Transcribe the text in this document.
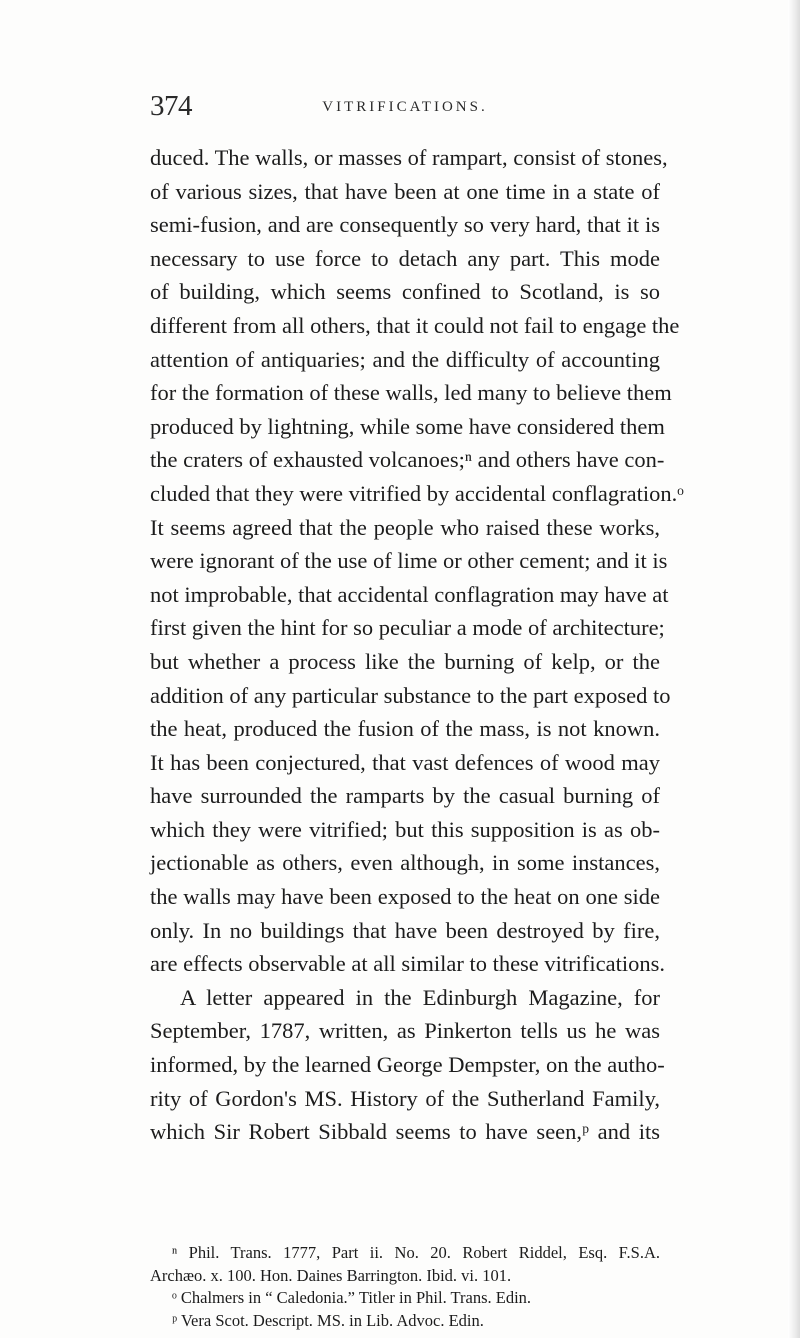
374	VITRIFICATIONS.
duced. The walls, or masses of rampart, consist of stones,
of various sizes, that have been at one time in a state of
semi-fusion, and are consequently so very hard, that it is
necessary to use force to detach any part. This mode
of building, which seems confined to Scotland, is so
different from all others, that it could not fail to engage the
attention of antiquaries; and the difficulty of accounting
for the formation of these walls, led many to believe them
produced by lightning, while some have considered them
the craters of exhausted volcanoes;ⁿ and others have con-
cluded that they were vitrified by accidental conflagration.ᵒ
It seems agreed that the people who raised these works,
were ignorant of the use of lime or other cement; and it is
not improbable, that accidental conflagration may have at
first given the hint for so peculiar a mode of architecture;
but whether a process like the burning of kelp, or the
addition of any particular substance to the part exposed to
the heat, produced the fusion of the mass, is not known.
It has been conjectured, that vast defences of wood may
have surrounded the ramparts by the casual burning of
which they were vitrified; but this supposition is as ob-
jectionable as others, even although, in some instances,
the walls may have been exposed to the heat on one side
only. In no buildings that have been destroyed by fire,
are effects observable at all similar to these vitrifications.
A letter appeared in the Edinburgh Magazine, for
September, 1787, written, as Pinkerton tells us he was
informed, by the learned George Dempster, on the autho-
rity of Gordon's MS. History of the Sutherland Family,
which Sir Robert Sibbald seems to have seen,ᵖ and its
ⁿ Phil. Trans. 1777, Part ii. No. 20. Robert Riddel, Esq. F.S.A.
Archæo. x. 100. Hon. Daines Barrington. Ibid. vi. 101.
ᵒ Chalmers in “ Caledonia.” Titler in Phil. Trans. Edin.
ᵖ Vera Scot. Descript. MS. in Lib. Advoc. Edin.
